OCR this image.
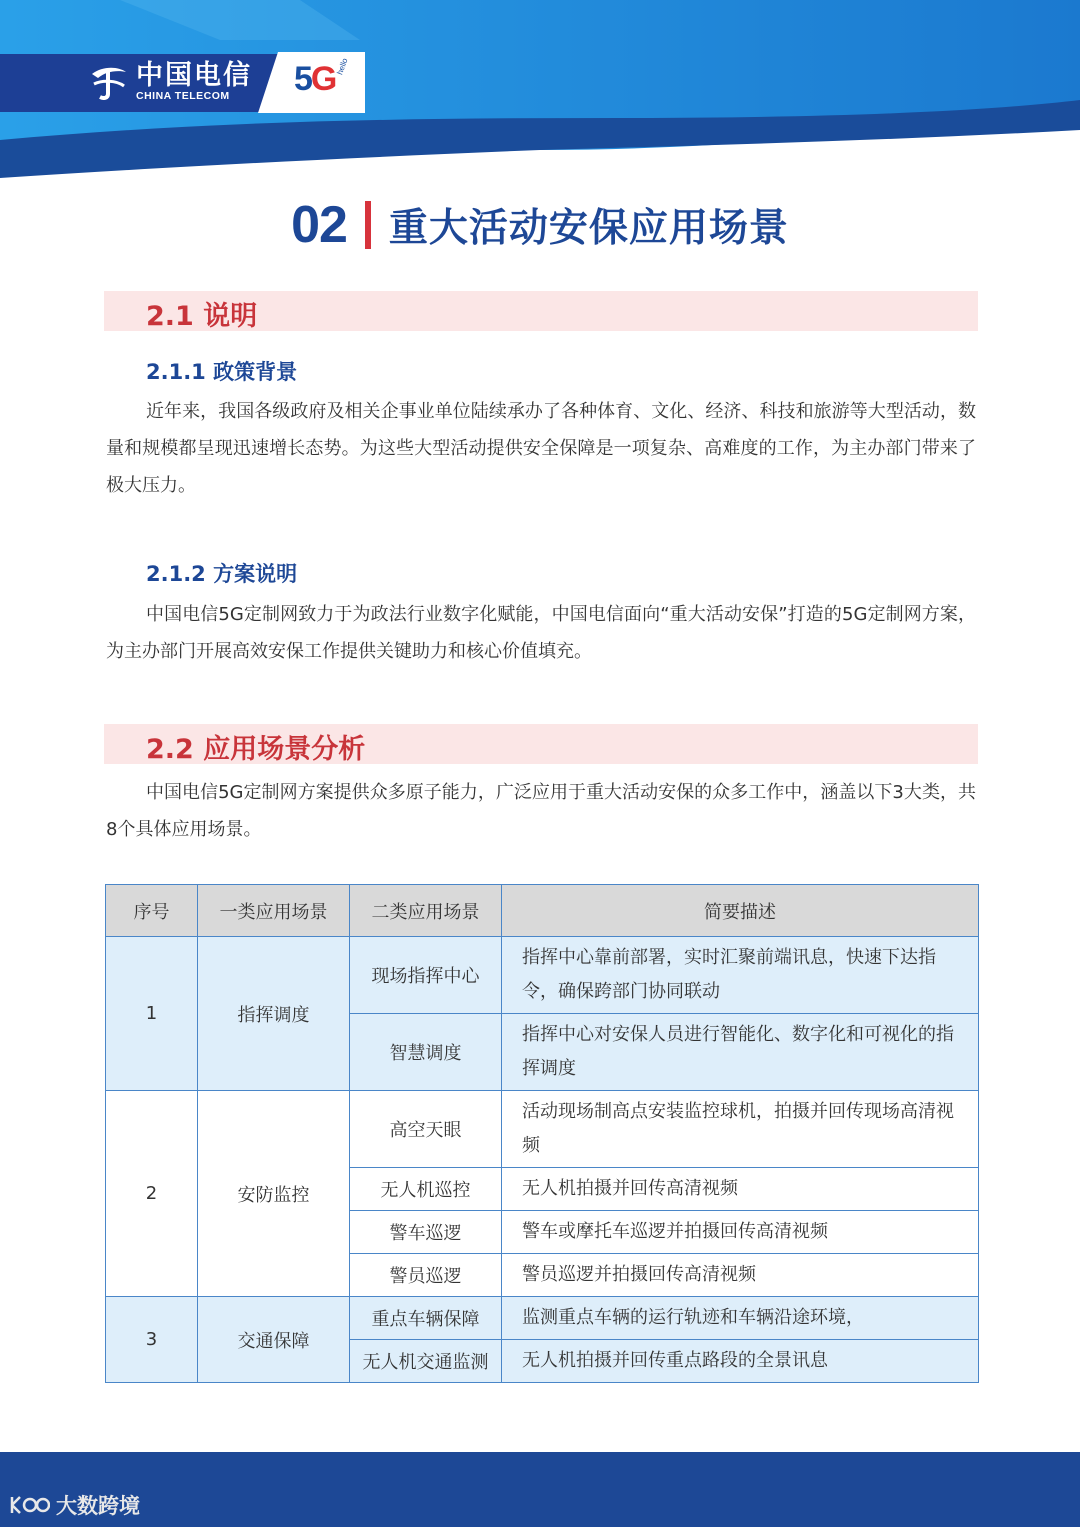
中国电信
CHINA TELECOM	5G hello
02 重大活动安保应用场景
2.1 说明
2.1.1 政策背景
近年来，我国各级政府及相关企事业单位陆续承办了各种体育、文化、经济、科技和旅游等大型活动，数量和规模都呈现迅速增长态势。为这些大型活动提供安全保障是一项复杂、高难度的工作，为主办部门带来了极大压力。
2.1.2 方案说明
中国电信5G定制网致力于为政法行业数字化赋能，中国电信面向“重大活动安保”打造的5G定制网方案，为主办部门开展高效安保工作提供关键助力和核心价值填充。
2.2 应用场景分析
中国电信5G定制网方案提供众多原子能力，广泛应用于重大活动安保的众多工作中，涵盖以下3大类，共8个具体应用场景。
序号	一类应用场景	二类应用场景	简要描述
1	指挥调度	现场指挥中心	指挥中心靠前部署，实时汇聚前端讯息，快速下达指令，确保跨部门协同联动
		智慧调度	指挥中心对安保人员进行智能化、数字化和可视化的指挥调度
2	安防监控	高空天眼	活动现场制高点安装监控球机，拍摄并回传现场高清视频
		无人机巡控	无人机拍摄并回传高清视频
		警车巡逻	警车或摩托车巡逻并拍摄回传高清视频
		警员巡逻	警员巡逻并拍摄回传高清视频
3	交通保障	重点车辆保障	监测重点车辆的运行轨迹和车辆沿途环境，
		无人机交通监测	无人机拍摄并回传重点路段的全景讯息
大数跨境
